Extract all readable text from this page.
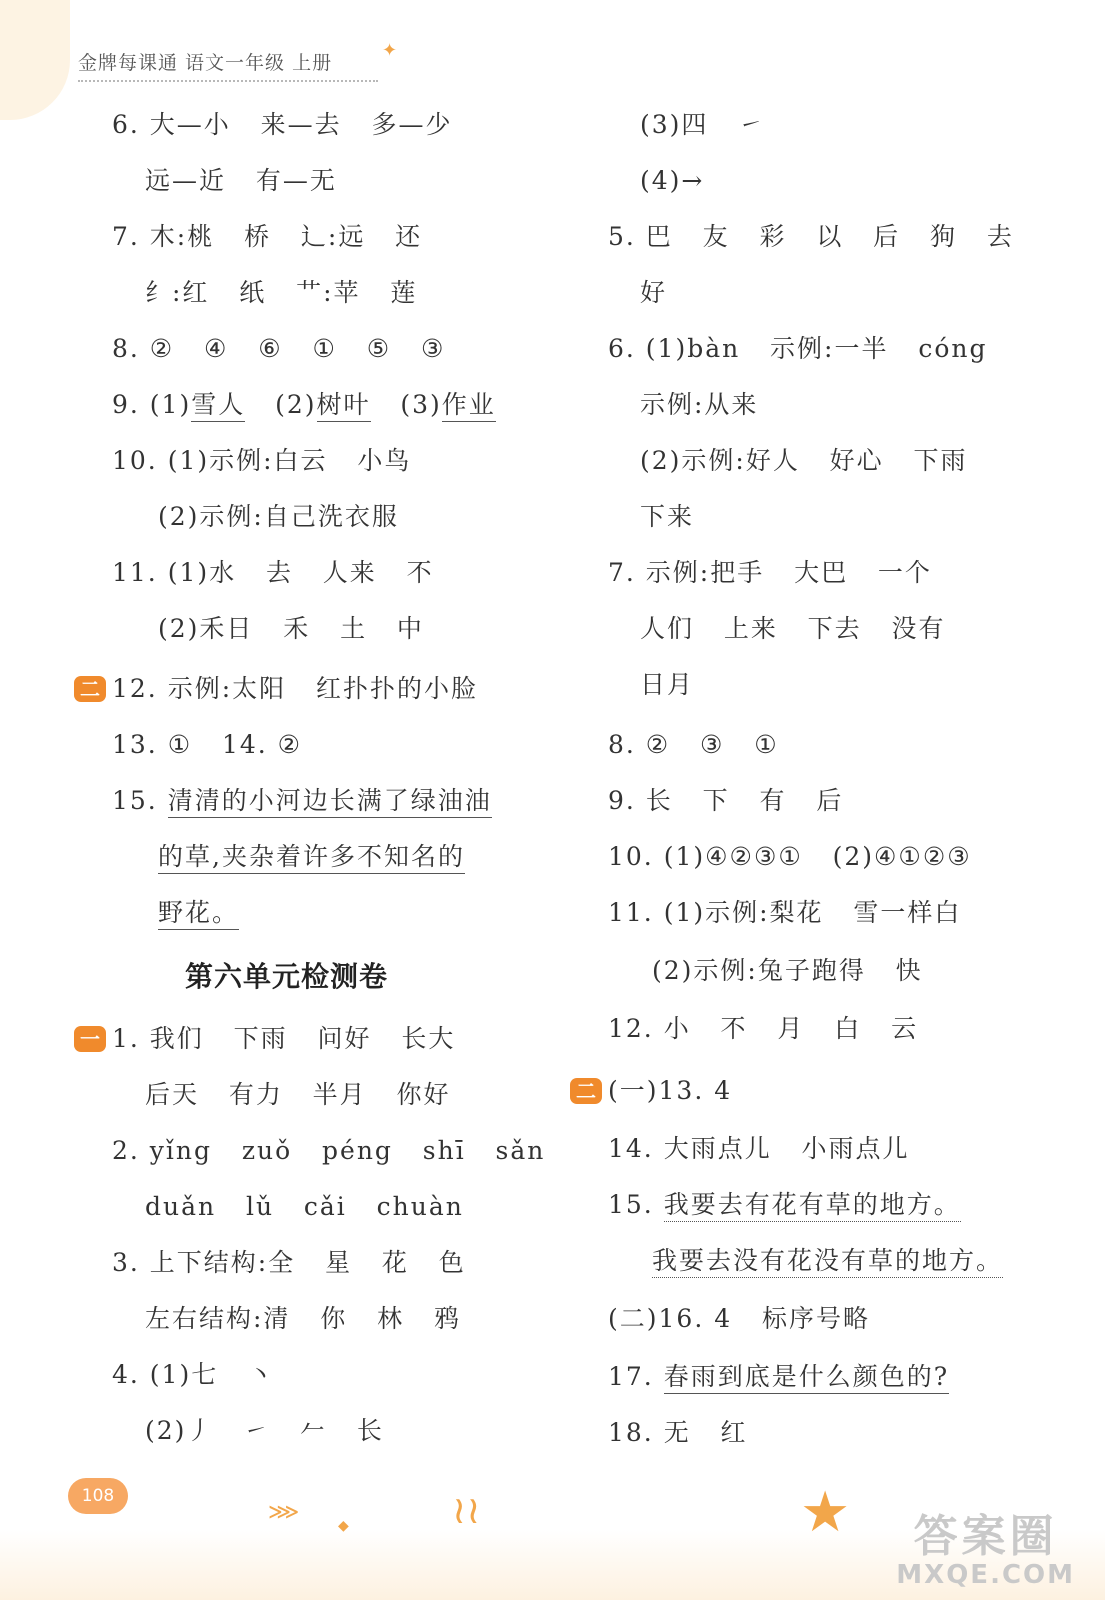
金牌每课通 语文一年级 上册
✦
6. 大—小   来—去   多—少
远—近   有—无
7. 木:桃   桥   辶:远   还
纟:红   纸   艹:苹   莲
8. ②   ④   ⑥   ①   ⑤   ③
9. (1)雪人   (2)树叶   (3)作业
10. (1)示例:白云   小鸟
(2)示例:自己洗衣服
11. (1)水   去   人来   不
(2)禾日   禾   土   中
二 12. 示例:太阳   红扑扑的小脸
13. ①   14. ②
15. 清清的小河边长满了绿油油
的草,夹杂着许多不知名的
野花。
第六单元检测卷
一 1. 我们   下雨   问好   长大
后天   有力   半月   你好
2. yǐng   zuǒ   péng   shī   sǎn
duǎn   lǔ   cǎi   chuàn
3. 上下结构:全   星   花   色
左右结构:清   你   林   鸦
4. (1)七   丶
(2)丿   ㇀   𠂉   长
(3)四   ㇀
(4)→
5. 巴   友   彩   以   后   狗   去
好
6. (1)bàn   示例:一半   cóng
示例:从来
(2)示例:好人   好心   下雨
下来
7. 示例:把手   大巴   一个
人们   上来   下去   没有
日月
8. ②   ③   ①
9. 长   下   有   后
10. (1)④②③①   (2)④①②③
11. (1)示例:梨花   雪一样白
(2)示例:兔子跑得   快
12. 小   不   月   白   云
二 (一)13. 4
14. 大雨点儿   小雨点儿
15. 我要去有花有草的地方。
我要去没有花没有草的地方。
(二)16. 4   标序号略
17. 春雨到底是什么颜色的?
18. 无   红
108
⋙
◆	≀≀	★	答案圈
MXQE.COM
